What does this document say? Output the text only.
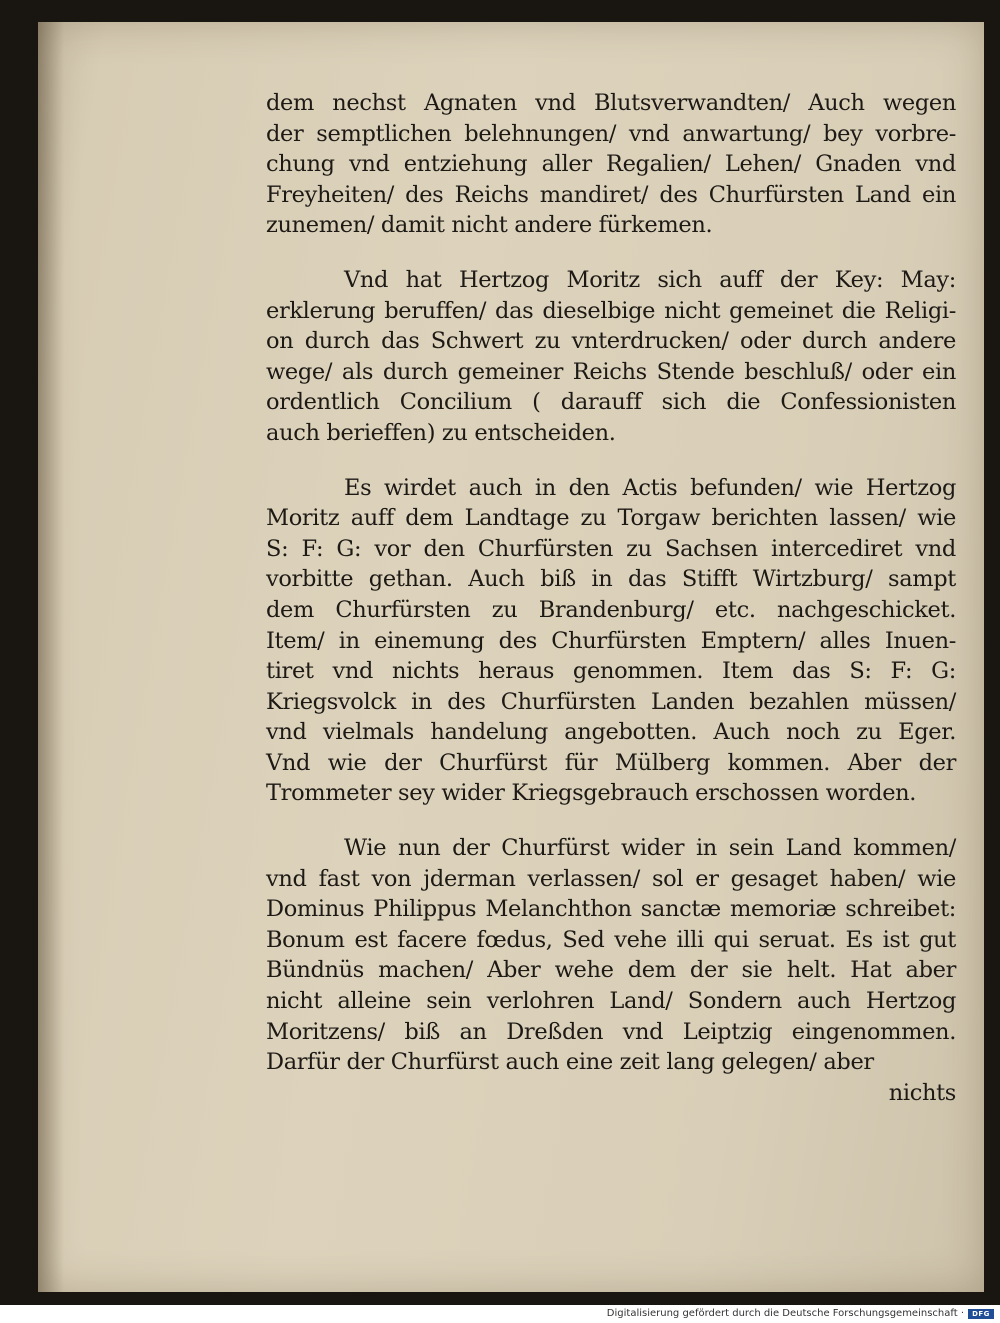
dem nechst Agnaten vnd Blutsverwandten/ Auch wegen
der semptlichen belehnungen/ vnd anwartung/ bey vorbre-
chung vnd entziehung aller Regalien/ Lehen/ Gnaden vnd
Freyheiten/ des Reichs mandiret/ des Churfürsten Land ein
zunemen/ damit nicht andere fürkemen.
Vnd hat Hertzog Moritz sich auff der Key: May:
erklerung beruffen/ das dieselbige nicht gemeinet die Religi-
on durch das Schwert zu vnterdrucken/ oder durch andere
wege/ als durch gemeiner Reichs Stende beschluß/ oder ein
ordentlich Concilium ( darauff sich die Confessionisten
auch berieffen) zu entscheiden.
Es wirdet auch in den Actis befunden/ wie Hertzog
Moritz auff dem Landtage zu Torgaw berichten lassen/ wie
S: F: G: vor den Churfürsten zu Sachsen intercediret vnd
vorbitte gethan. Auch biß in das Stifft Wirtzburg/ sampt
dem Churfürsten zu Brandenburg/ etc. nachgeschicket.
Item/ in einemung des Churfürsten Emptern/ alles Inuen-
tiret vnd nichts heraus genommen. Item das S: F: G:
Kriegsvolck in des Churfürsten Landen bezahlen müssen/
vnd vielmals handelung angebotten. Auch noch zu Eger.
Vnd wie der Churfürst für Mülberg kommen. Aber der
Trommeter sey wider Kriegsgebrauch erschossen worden.
Wie nun der Churfürst wider in sein Land kommen/
vnd fast von jderman verlassen/ sol er gesaget haben/ wie
Dominus Philippus Melanchthon sanctæ memoriæ schreibet:
Bonum est facere fœdus, Sed vehe illi qui seruat. Es ist gut
Bündnüs machen/ Aber wehe dem der sie helt. Hat aber
nicht alleine sein verlohren Land/ Sondern auch Hertzog
Moritzens/ biß an Dreßden vnd Leiptzig eingenommen.
Darfür der Churfürst auch eine zeit lang gelegen/ aber
nichts
Digitalisierung gefördert durch die Deutsche Forschungsgemeinschaft ·	DFG
